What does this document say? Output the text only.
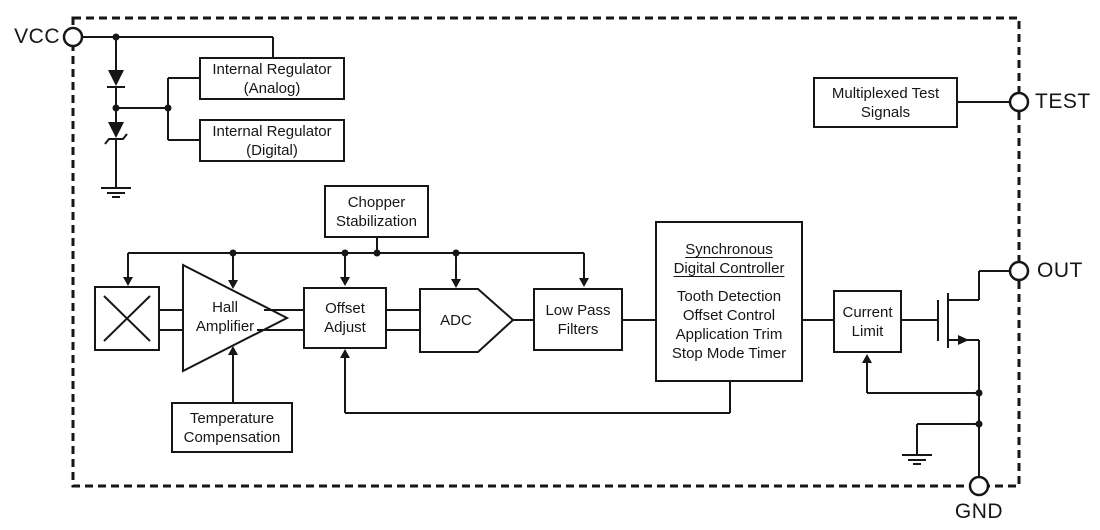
VCC
TEST
OUT
GND
Internal Regulator
(Analog)
Internal Regulator
(Digital)
Multiplexed Test
Signals
Chopper
Stabilization
Hall
Amplifier
Offset
Adjust	ADC
Low Pass
Filters
Synchronous
Digital Controller
Tooth Detection
Offset Control
Application Trim
Stop Mode Timer
Current
Limit
Temperature
Compensation
